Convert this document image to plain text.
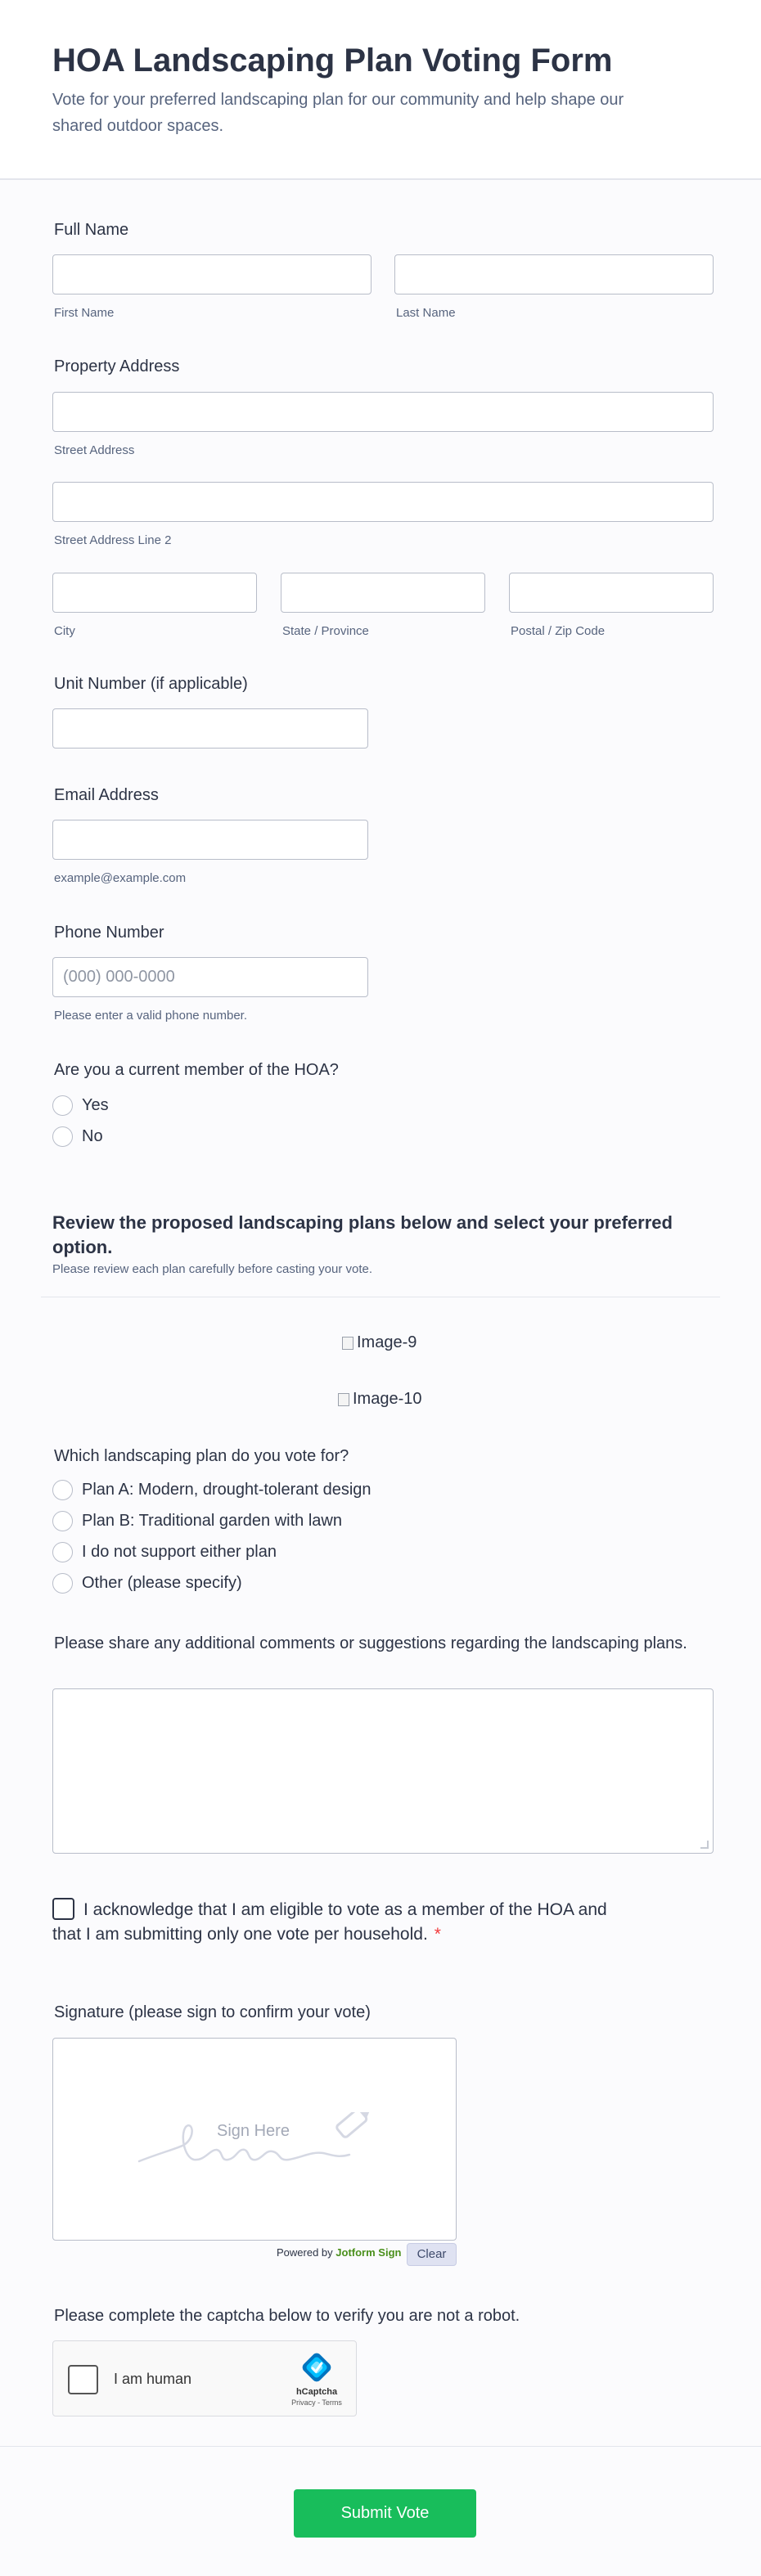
HOA Landscaping Plan Voting Form
Vote for your preferred landscaping plan for our community and help shape our shared outdoor spaces.
Full Name
First Name	Last Name
Property Address
Street Address
Street Address Line 2
City	State / Province	Postal / Zip Code
Unit Number (if applicable)
Email Address
example@example.com
Phone Number
(000) 000-0000
Please enter a valid phone number.
Are you a current member of the HOA?
Yes
No
Review the proposed landscaping plans below and select your preferred option.
Please review each plan carefully before casting your vote.
Image-9
Image-10
Which landscaping plan do you vote for?
Plan A: Modern, drought-tolerant design
Plan B: Traditional garden with lawn
I do not support either plan
Other (please specify)
Please share any additional comments or suggestions regarding the landscaping plans.
I acknowledge that I am eligible to vote as a member of the HOA and that I am submitting only one vote per household. *
Signature (please sign to confirm your vote)
Sign Here
Powered by Jotform Sign	Clear
Please complete the captcha below to verify you are not a robot.
I am human
hCaptcha
Privacy - Terms
Submit Vote
